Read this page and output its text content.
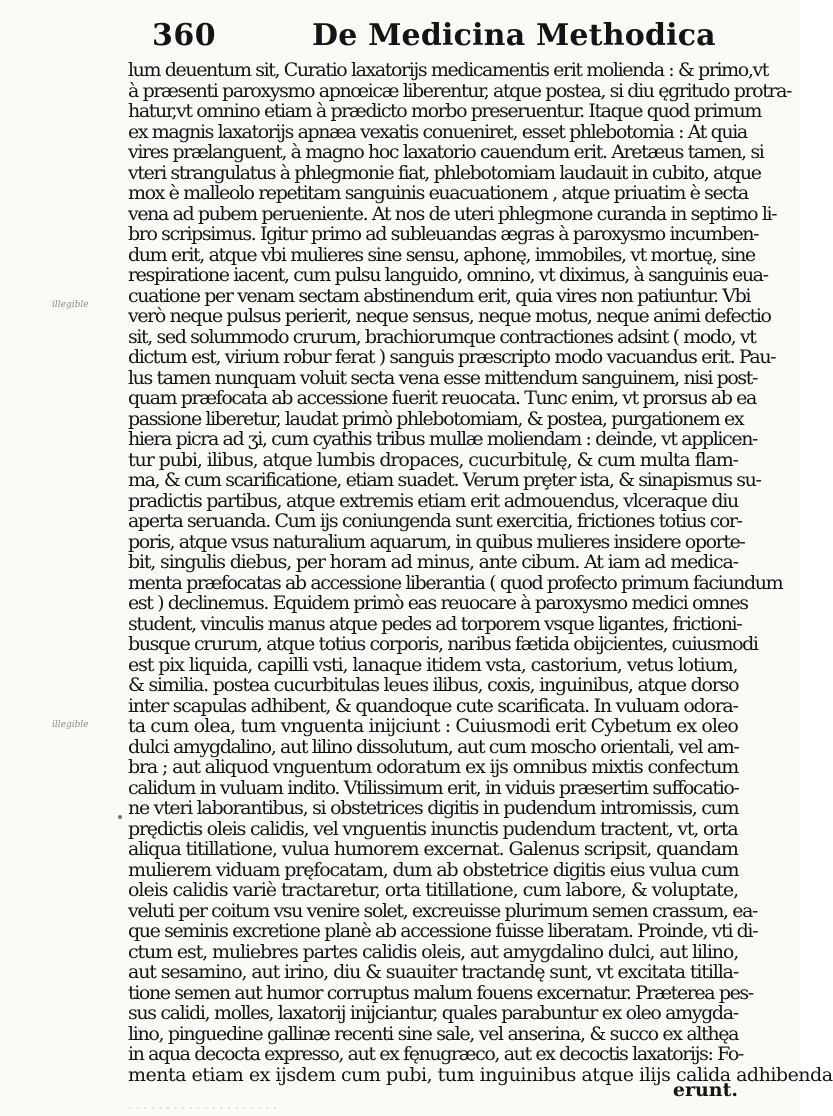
360	De Medicina Methodica
illegible
illegible
lum deuentum sit, Curatio laxatorijs medicamentis erit molienda : & primo,vt
à præsenti paroxysmo apnœicæ liberentur, atque postea, si diu ęgritudo protra-
hatur,vt omnino etiam à prædicto morbo preseruentur. Itaque quod primum
ex magnis laxatorijs apnæa vexatis conueniret, esset phlebotomia : At quia
vires prælanguent, à magno hoc laxatorio cauendum erit. Aretæus tamen, si
vteri strangulatus à phlegmonie fiat, phlebotomiam laudauit in cubito, atque
mox è malleolo repetitam sanguinis euacuationem , atque priuatim è secta
vena ad pubem perueniente. At nos de uteri phlegmone curanda in septimo li-
bro scripsimus. Igitur primo ad subleuandas ægras à paroxysmo incumben-
dum erit, atque vbi mulieres sine sensu, aphonę, immobiles, vt mortuę, sine
respiratione iacent, cum pulsu languido, omnino, vt diximus, à sanguinis eua-
cuatione per venam sectam abstinendum erit, quia vires non patiuntur. Vbi
verò neque pulsus perierit, neque sensus, neque motus, neque animi defectio
sit, sed solummodo crurum, brachiorumque contractiones adsint ( modo, vt
dictum est, virium robur ferat ) sanguis præscripto modo vacuandus erit. Pau-
lus tamen nunquam voluit secta vena esse mittendum sanguinem, nisi post-
quam præfocata ab accessione fuerit reuocata. Tunc enim, vt prorsus ab ea
passione liberetur, laudat primò phlebotomiam, & postea, purgationem ex
hiera picra ad ʒi, cum cyathis tribus mullæ moliendam : deinde, vt applicen-
tur pubi, ilibus, atque lumbis dropaces, cucurbitulę, & cum multa flam-
ma, & cum scarificatione, etiam suadet. Verum prȩter ista, & sinapismus su-
pradictis partibus, atque extremis etiam erit admouendus, vlceraque diu
aperta seruanda. Cum ijs coniungenda sunt exercitia, frictiones totius cor-
poris, atque vsus naturalium aquarum, in quibus mulieres insidere oporte-
bit, singulis diebus, per horam ad minus, ante cibum. At iam ad medica-
menta præfocatas ab accessione liberantia ( quod profecto primum faciundum
est ) declinemus. Equidem primò eas reuocare à paroxysmo medici omnes
student, vinculis manus atque pedes ad torporem vsque ligantes, frictioni-
busque crurum, atque totius corporis, naribus fætida obijcientes, cuiusmodi
est pix liquida, capilli vsti, lanaque itidem vsta, castorium, vetus lotium,
& similia. postea cucurbitulas leues ilibus, coxis, inguinibus, atque dorso
inter scapulas adhibent, & quandoque cute scarificata. In vuluam odora-
ta cum olea, tum vnguenta inijciunt : Cuiusmodi erit Cybetum ex oleo
dulci amygdalino, aut lilino dissolutum, aut cum moscho orientali, vel am-
bra ; aut aliquod vnguentum odoratum ex ijs omnibus mixtis confectum
calidum in vuluam indito. Vtilissimum erit, in viduis præsertim suffocatio-
ne vteri laborantibus, si obstetrices digitis in pudendum intromissis, cum
prędictis oleis calidis, vel vnguentis inunctis pudendum tractent, vt, orta
aliqua titillatione, vulua humorem excernat. Galenus scripsit, quandam
mulierem viduam pręfocatam, dum ab obstetrice digitis eius vulua cum
oleis calidis variè tractaretur, orta titillatione, cum labore, & voluptate,
veluti per coitum vsu venire solet, excreuisse plurimum semen crassum, ea-
que seminis excretione planè ab accessione fuisse liberatam. Proinde, vti di-
ctum est, muliebres partes calidis oleis, aut amygdalino dulci, aut lilino,
aut sesamino, aut irino, diu & suauiter tractandę sunt, vt excitata titilla-
tione semen aut humor corruptus malum fouens excernatur. Præterea pes-
sus calidi, molles, laxatorij inijciantur, quales parabuntur ex oleo amygda-
lino, pinguedine gallinæ recenti sine sale, vel anserina, & succo ex althęa
in aqua decocta expresso, aut ex fęnugræco, aut ex decoctis laxatorijs: Fo-
menta etiam ex ijsdem cum pubi, tum inguinibus atque ilijs calida adhibenda
erunt.
· · · · · · · · · · · · · · · · · · · ·
